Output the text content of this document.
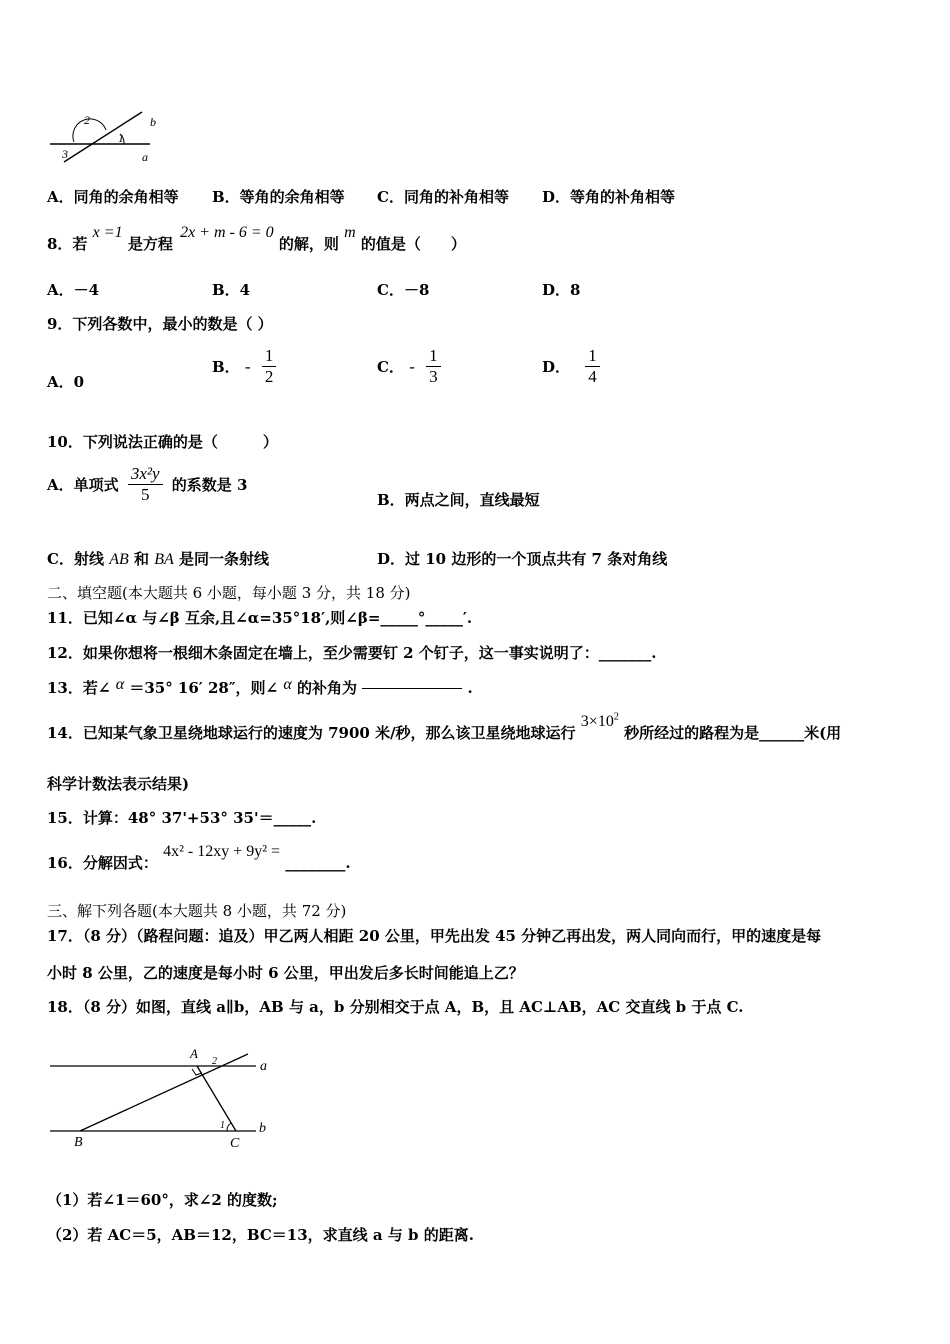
2
1
3
b
a
A．同角的余角相等 B．等角的余角相等 C．同角的补角相等 D．等角的补角相等
8．若 x =1 是方程 2x + m - 6 = 0 的解，则 m 的值是（　　）
A．－4	B．4	C．－8	D．8
9．下列各数中，最小的数是（ ）
A．0
B． - $\frac{1}{2}$	C． - $\frac{1}{3}$	D． $\frac{1}{4}$
10．下列说法正确的是（　　　）
A．单项式 $\frac{\text{3x²y}}{5}$ 的系数是 3
B．两点之间，直线最短
C．射线 AB 和 BA 是同一条射线	D．过 10 边形的一个顶点共有 7 条对角线
二、填空题(本大题共 6 小题，每小题 3 分，共 18 分)
11．已知∠α 与∠β 互余,且∠α=35°18′,则∠β=_____°_____′.
12．如果你想将一根细木条固定在墙上，至少需要钉 2 个钉子，这一事实说明了：_______.
13．若∠ α ＝35° 16′ 28″，则∠ α 的补角为	.
14．已知某气象卫星绕地球运行的速度为 7900 米/秒，那么该卫星绕地球运行 $3\times 10^2$ 秒所经过的路程为是______米(用
科学计数法表示结果)
15．计算：48° 37'+53° 35'＝_____.
16．分解因式： 4x² - 12xy + 9y² = ________.
三、解下列各题(本大题共 8 小题，共 72 分)
17．（8 分）（路程问题：追及）甲乙两人相距 20 公里，甲先出发 45 分钟乙再出发，两人同向而行，甲的速度是每
小时 8 公里，乙的速度是每小时 6 公里，甲出发后多长时间能追上乙？
18．（8 分）如图，直线 a∥b，AB 与 a，b 分别相交于点 A，B，且 AC⊥AB，AC 交直线 b 于点 C.
A
2	a
1 b
B	C
（1）若∠1＝60°，求∠2 的度数;
（2）若 AC＝5，AB＝12，BC＝13，求直线 a 与 b 的距离.
